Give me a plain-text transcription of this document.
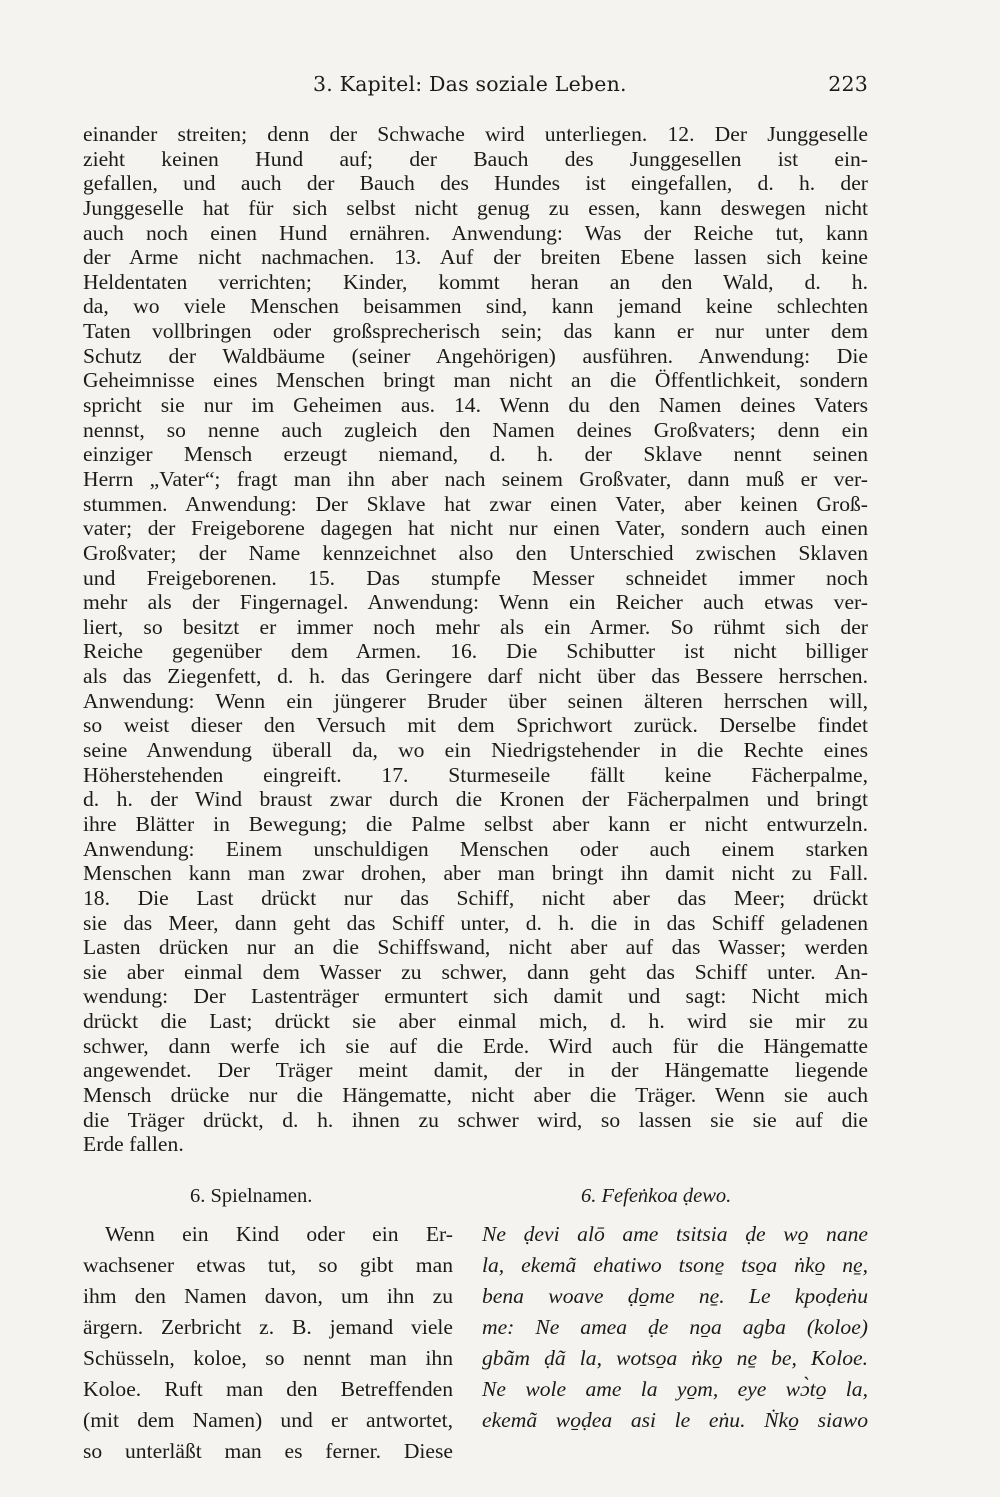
3. Kapitel: Das soziale Leben.	223
einander streiten; denn der Schwache wird unterliegen. 12. Der Junggeselle
zieht keinen Hund auf; der Bauch des Junggesellen ist ein-
gefallen, und auch der Bauch des Hundes ist eingefallen, d. h. der
Junggeselle hat für sich selbst nicht genug zu essen, kann deswegen nicht
auch noch einen Hund ernähren. Anwendung: Was der Reiche tut, kann
der Arme nicht nachmachen. 13. Auf der breiten Ebene lassen sich keine
Heldentaten verrichten; Kinder, kommt heran an den Wald, d. h.
da, wo viele Menschen beisammen sind, kann jemand keine schlechten
Taten vollbringen oder großsprecherisch sein; das kann er nur unter dem
Schutz der Waldbäume (seiner Angehörigen) ausführen. Anwendung: Die
Geheimnisse eines Menschen bringt man nicht an die Öffentlichkeit, sondern
spricht sie nur im Geheimen aus. 14. Wenn du den Namen deines Vaters
nennst, so nenne auch zugleich den Namen deines Großvaters; denn ein
einziger Mensch erzeugt niemand, d. h. der Sklave nennt seinen
Herrn „Vater“; fragt man ihn aber nach seinem Großvater, dann muß er ver-
stummen. Anwendung: Der Sklave hat zwar einen Vater, aber keinen Groß-
vater; der Freigeborene dagegen hat nicht nur einen Vater, sondern auch einen
Großvater; der Name kennzeichnet also den Unterschied zwischen Sklaven
und Freigeborenen. 15. Das stumpfe Messer schneidet immer noch
mehr als der Fingernagel. Anwendung: Wenn ein Reicher auch etwas ver-
liert, so besitzt er immer noch mehr als ein Armer. So rühmt sich der
Reiche gegenüber dem Armen. 16. Die Schibutter ist nicht billiger
als das Ziegenfett, d. h. das Geringere darf nicht über das Bessere herrschen.
Anwendung: Wenn ein jüngerer Bruder über seinen älteren herrschen will,
so weist dieser den Versuch mit dem Sprichwort zurück. Derselbe findet
seine Anwendung überall da, wo ein Niedrigstehender in die Rechte eines
Höherstehenden eingreift. 17. Sturmeseile fällt keine Fächerpalme,
d. h. der Wind braust zwar durch die Kronen der Fächerpalmen und bringt
ihre Blätter in Bewegung; die Palme selbst aber kann er nicht entwurzeln.
Anwendung: Einem unschuldigen Menschen oder auch einem starken
Menschen kann man zwar drohen, aber man bringt ihn damit nicht zu Fall.
18. Die Last drückt nur das Schiff, nicht aber das Meer; drückt
sie das Meer, dann geht das Schiff unter, d. h. die in das Schiff geladenen
Lasten drücken nur an die Schiffswand, nicht aber auf das Wasser; werden
sie aber einmal dem Wasser zu schwer, dann geht das Schiff unter. An-
wendung: Der Lastenträger ermuntert sich damit und sagt: Nicht mich
drückt die Last; drückt sie aber einmal mich, d. h. wird sie mir zu
schwer, dann werfe ich sie auf die Erde. Wird auch für die Hängematte
angewendet. Der Träger meint damit, der in der Hängematte liegende
Mensch drücke nur die Hängematte, nicht aber die Träger. Wenn sie auch
die Träger drückt, d. h. ihnen zu schwer wird, so lassen sie sie auf die
Erde fallen.
6. Spielnamen.	6. Fefeṅkoa ḍewo.
Wenn ein Kind oder ein Er-
wachsener etwas tut, so gibt man
ihm den Namen davon, um ihn zu
ärgern. Zerbricht z. B. jemand viele
Schüsseln, koloe, so nennt man ihn
Koloe. Ruft man den Betreffenden
(mit dem Namen) und er antwortet,
so unterläßt man es ferner. Diese
Ne ḍevi alō ame tsitsia ḍe wo̱ nane
la, ekemã ehatiwo tsone̱ tso̱a ṅko̱ ne̱,
bena woave ḍo̱me ne̱. Le kpoḍeṅu
me: Ne amea ḍe no̱a agba (koloe)
gbãm ḍã la, wotso̱a ṅko̱ ne̱ be, Koloe.
Ne wole ame la yo̱m, eye wɔ̀to̱ la,
ekemã wo̱ḍea asi le eṅu. Ṅko̱ siawo
